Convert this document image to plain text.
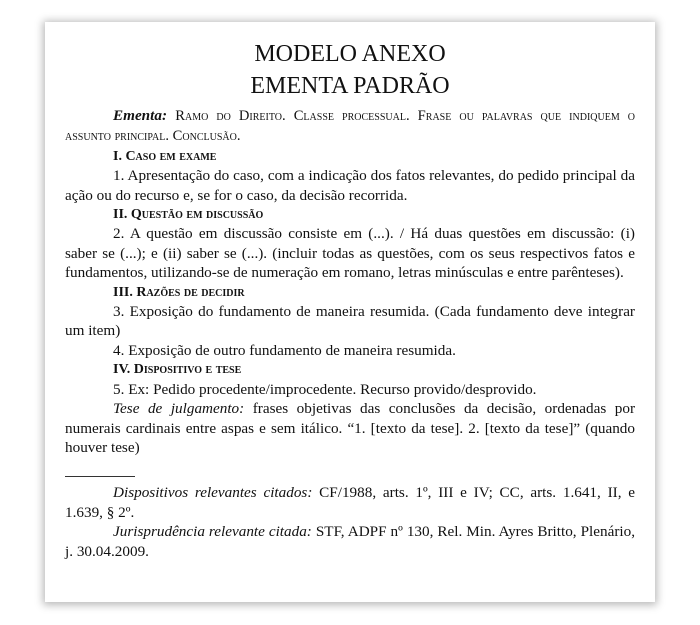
MODELO ANEXO

EMENTA PADRÃO

Ementa: Ramo do Direito. Classe processual. Frase ou palavras que indiquem o assunto principal. Conclusão.

I. Caso em exame

1. Apresentação do caso, com a indicação dos fatos relevantes, do pedido principal da ação ou do recurso e, se for o caso, da decisão recorrida.

II. Questão em discussão

2. A questão em discussão consiste em (...). / Há duas questões em discussão: (i) saber se (...); e (ii) saber se (...). (incluir todas as questões, com os seus respectivos fatos e fundamentos, utilizando-se de numeração em romano, letras minúsculas e entre parênteses).

III. Razões de decidir

3. Exposição do fundamento de maneira resumida. (Cada fundamento deve integrar um item)

4. Exposição de outro fundamento de maneira resumida.

IV. Dispositivo e tese

5. Ex: Pedido procedente/improcedente. Recurso provido/desprovido.

Tese de julgamento: frases objetivas das conclusões da decisão, ordenadas por numerais cardinais entre aspas e sem itálico. “1. [texto da tese]. 2. [texto da tese]” (quando houver tese)

Dispositivos relevantes citados: CF/1988, arts. 1º, III e IV; CC, arts. 1.641, II, e 1.639, § 2º.

Jurisprudência relevante citada: STF, ADPF nº 130, Rel. Min. Ayres Britto, Plenário, j. 30.04.2009.
